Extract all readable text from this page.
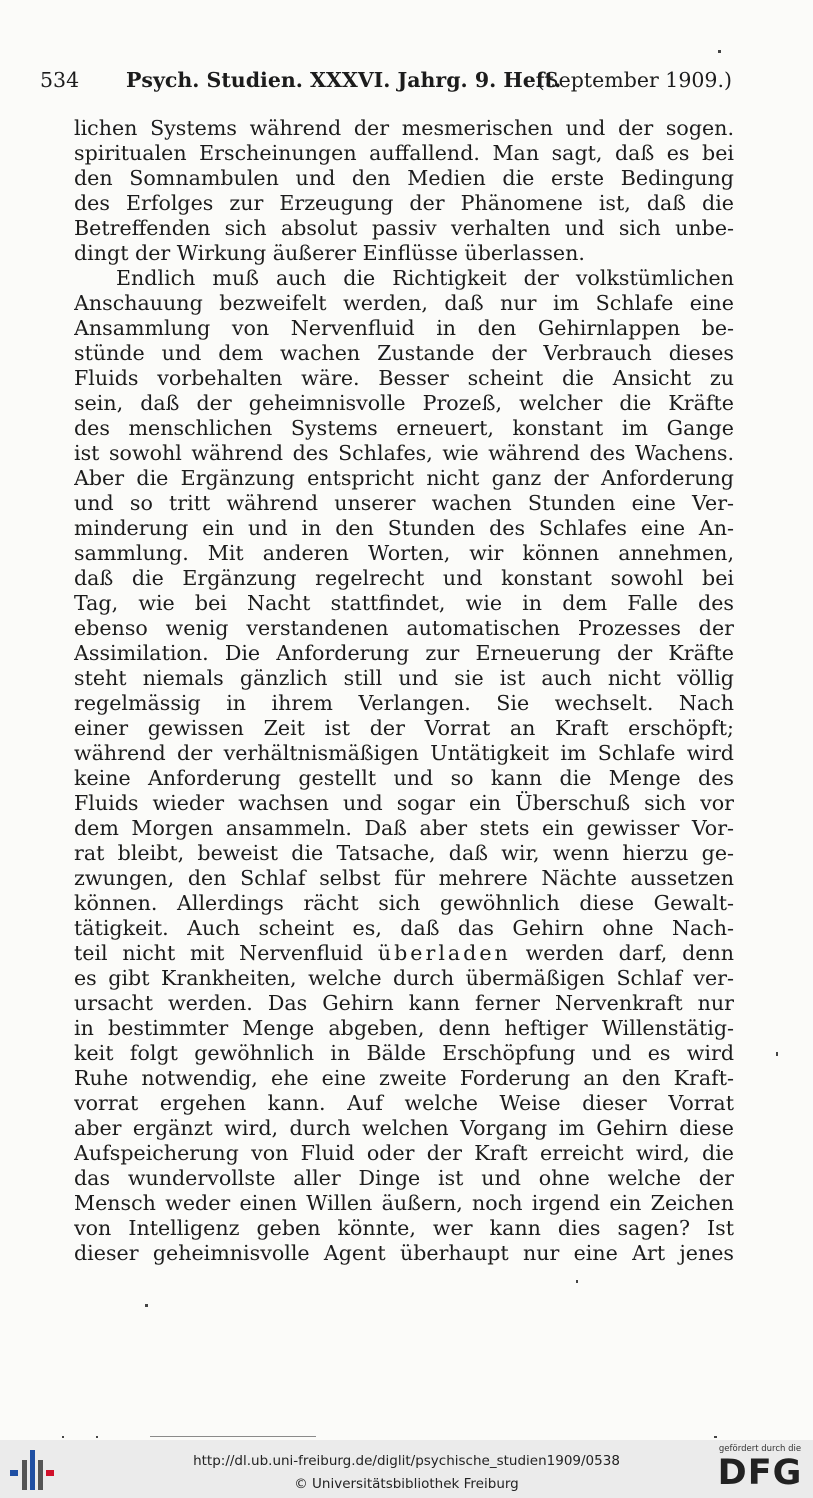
534 Psych. Studien. XXXVI. Jahrg. 9. Heft.
(September 1909.)
lichen Systems während der mesmerischen und der sogen.
spiritualen Erscheinungen auffallend. Man sagt, daß es bei
den Somnambulen und den Medien die erste Bedingung
des Erfolges zur Erzeugung der Phänomene ist, daß die
Betreffenden sich absolut passiv verhalten und sich unbe-
dingt der Wirkung äußerer Einflüsse überlassen.
Endlich muß auch die Richtigkeit der volkstümlichen
Anschauung bezweifelt werden, daß nur im Schlafe eine
Ansammlung von Nervenfluid in den Gehirnlappen be-
stünde und dem wachen Zustande der Verbrauch dieses
Fluids vorbehalten wäre. Besser scheint die Ansicht zu
sein, daß der geheimnisvolle Prozeß, welcher die Kräfte
des menschlichen Systems erneuert, konstant im Gange
ist sowohl während des Schlafes, wie während des Wachens.
Aber die Ergänzung entspricht nicht ganz der Anforderung
und so tritt während unserer wachen Stunden eine Ver-
minderung ein und in den Stunden des Schlafes eine An-
sammlung. Mit anderen Worten, wir können annehmen,
daß die Ergänzung regelrecht und konstant sowohl bei
Tag, wie bei Nacht stattfindet, wie in dem Falle des
ebenso wenig verstandenen automatischen Prozesses der
Assimilation. Die Anforderung zur Erneuerung der Kräfte
steht niemals gänzlich still und sie ist auch nicht völlig
regelmässig in ihrem Verlangen. Sie wechselt. Nach
einer gewissen Zeit ist der Vorrat an Kraft erschöpft;
während der verhältnismäßigen Untätigkeit im Schlafe wird
keine Anforderung gestellt und so kann die Menge des
Fluids wieder wachsen und sogar ein Überschuß sich vor
dem Morgen ansammeln. Daß aber stets ein gewisser Vor-
rat bleibt, beweist die Tatsache, daß wir, wenn hierzu ge-
zwungen, den Schlaf selbst für mehrere Nächte aussetzen
können. Allerdings rächt sich gewöhnlich diese Gewalt-
tätigkeit. Auch scheint es, daß das Gehirn ohne Nach-
teil nicht mit Nervenfluid überladen werden darf, denn
es gibt Krankheiten, welche durch übermäßigen Schlaf ver-
ursacht werden. Das Gehirn kann ferner Nervenkraft nur
in bestimmter Menge abgeben, denn heftiger Willenstätig-
keit folgt gewöhnlich in Bälde Erschöpfung und es wird
Ruhe notwendig, ehe eine zweite Forderung an den Kraft-
vorrat ergehen kann. Auf welche Weise dieser Vorrat
aber ergänzt wird, durch welchen Vorgang im Gehirn diese
Aufspeicherung von Fluid oder der Kraft erreicht wird, die
das wundervollste aller Dinge ist und ohne welche der
Mensch weder einen Willen äußern, noch irgend ein Zeichen
von Intelligenz geben könnte, wer kann dies sagen? Ist
dieser geheimnisvolle Agent überhaupt nur eine Art jenes
http://dl.ub.uni-freiburg.de/diglit/psychische_studien1909/0538
© Universitätsbibliothek Freiburg
gefördert durch die
DFG
